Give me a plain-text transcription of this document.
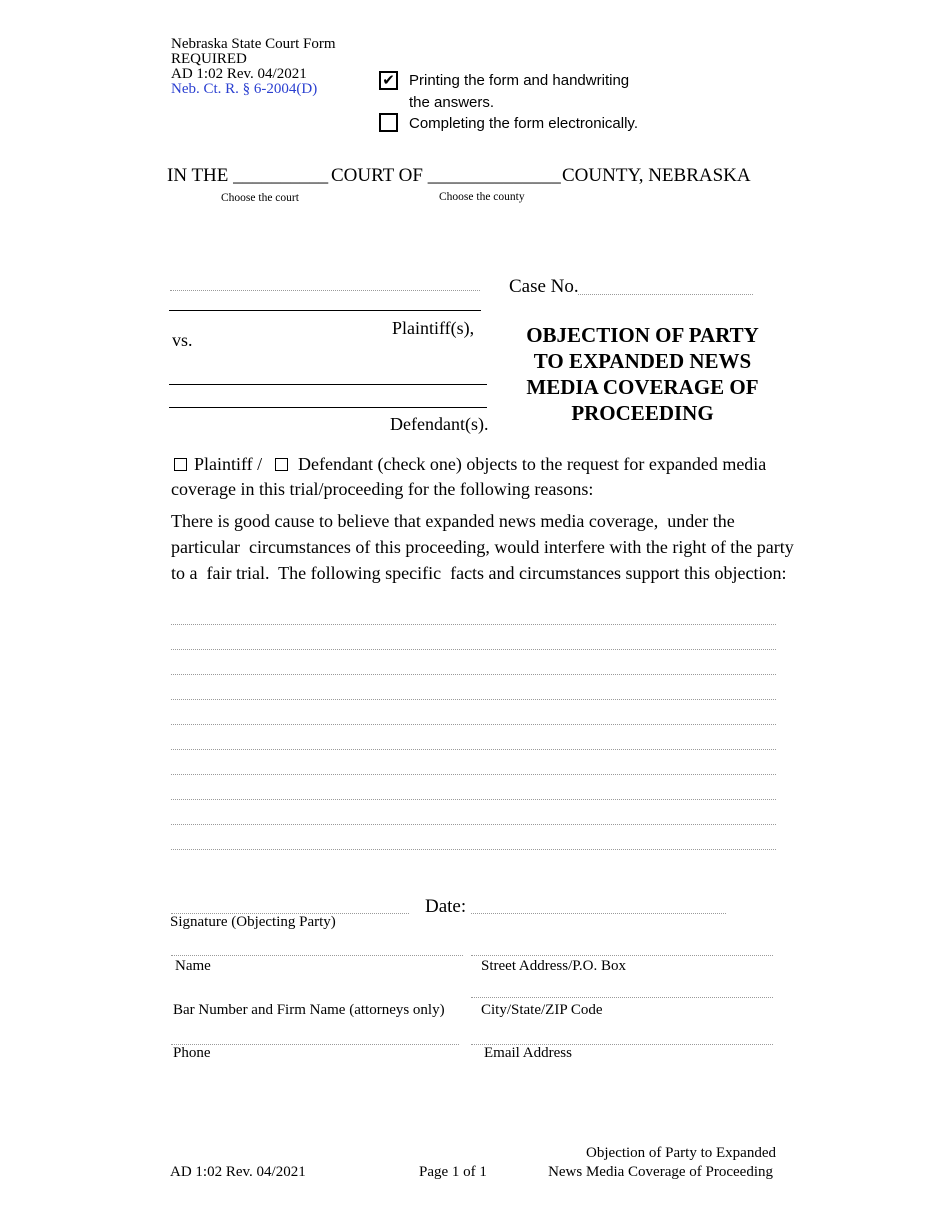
Nebraska State Court Form
REQUIRED
AD 1:02 Rev. 04/2021
Neb. Ct. R. § 6-2004(D)	✔ Printing the form and handwriting
the answers.
Completing the form electronically.
IN THE __________ COURT OF ______________ COUNTY, NEBRASKA
Choose the court	Choose the county
Plaintiff(s),
vs.
Defendant(s).
Case No.
OBJECTION OF PARTY
TO EXPANDED NEWS
MEDIA COVERAGE OF
PROCEEDING
Plaintiff / Defendant (check one) objects to the request for expanded media
coverage in this trial/proceeding for the following reasons:
There is good cause to believe that expanded news media coverage,  under the
particular  circumstances of this proceeding, would interfere with the right of the party
to a  fair trial.  The following specific  facts and circumstances support this objection:
Date:
Signature (Objecting Party)
Name	Street Address/P.O. Box
Bar Number and Firm Name (attorneys only) City/State/ZIP Code
Phone	Email Address
AD 1:02 Rev. 04/2021	Page 1 of 1
Objection of Party to Expanded
News Media Coverage of Proceeding
